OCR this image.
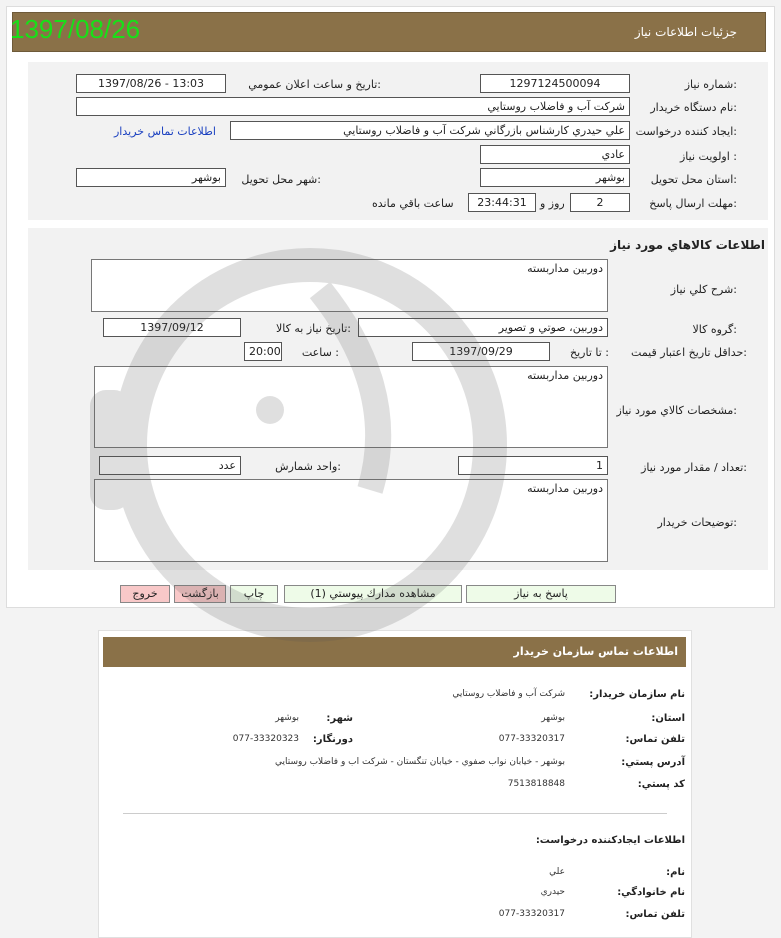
1397/08/26	جزئيات اطلاعات نياز
شماره نياز:
1297124500094
تاريخ و ساعت اعلان عمومي:
1397/08/26 - 13:03
نام دستگاه خريدار:
شركت آب و فاضلاب روستايي
ايجاد كننده درخواست:
علي حيدري كارشناس بازرگاني شركت آب و فاضلاب روستايي
اطلاعات تماس خريدار
اولويت نياز :
عادي
استان محل تحويل:
بوشهر
شهر محل تحويل:
بوشهر
مهلت ارسال پاسخ:
2
روز و
23:44:31
ساعت باقي مانده
اطلاعات كالاهاي مورد نياز
شرح كلي نياز:
دوربين مداربسته
گروه كالا:
دوربين، صوتي و تصوير
تاريخ نياز به كالا:
1397/09/12
حداقل تاريخ اعتبار قيمت:
تا تاريخ :
1397/09/29
ساعت :
20:00
مشخصات كالاي مورد نياز:
دوربين مداربسته
تعداد / مقدار مورد نياز:
1
واحد شمارش:
عدد
توضيحات خريدار:
دوربين مداربسته
پاسخ به نياز
مشاهده مدارك پيوستي (1)
چاپ
بازگشت
خروج
اطلاعات تماس سازمان خريدار
نام سازمان خريدار:
شركت آب و فاضلاب روستايي
استان:
بوشهر
شهر:
بوشهر
تلفن تماس:
077-33320317
دورنگار:
077-33320323
آدرس پستي:
بوشهر - خيابان نواب صفوي - خيابان تنگستان - شركت اب و فاضلاب روستايي
كد پستي:
7513818848
اطلاعات ايجادكننده درخواست:
نام:
علي
نام خانوادگي:
حيدري
تلفن تماس:
077-33320317
